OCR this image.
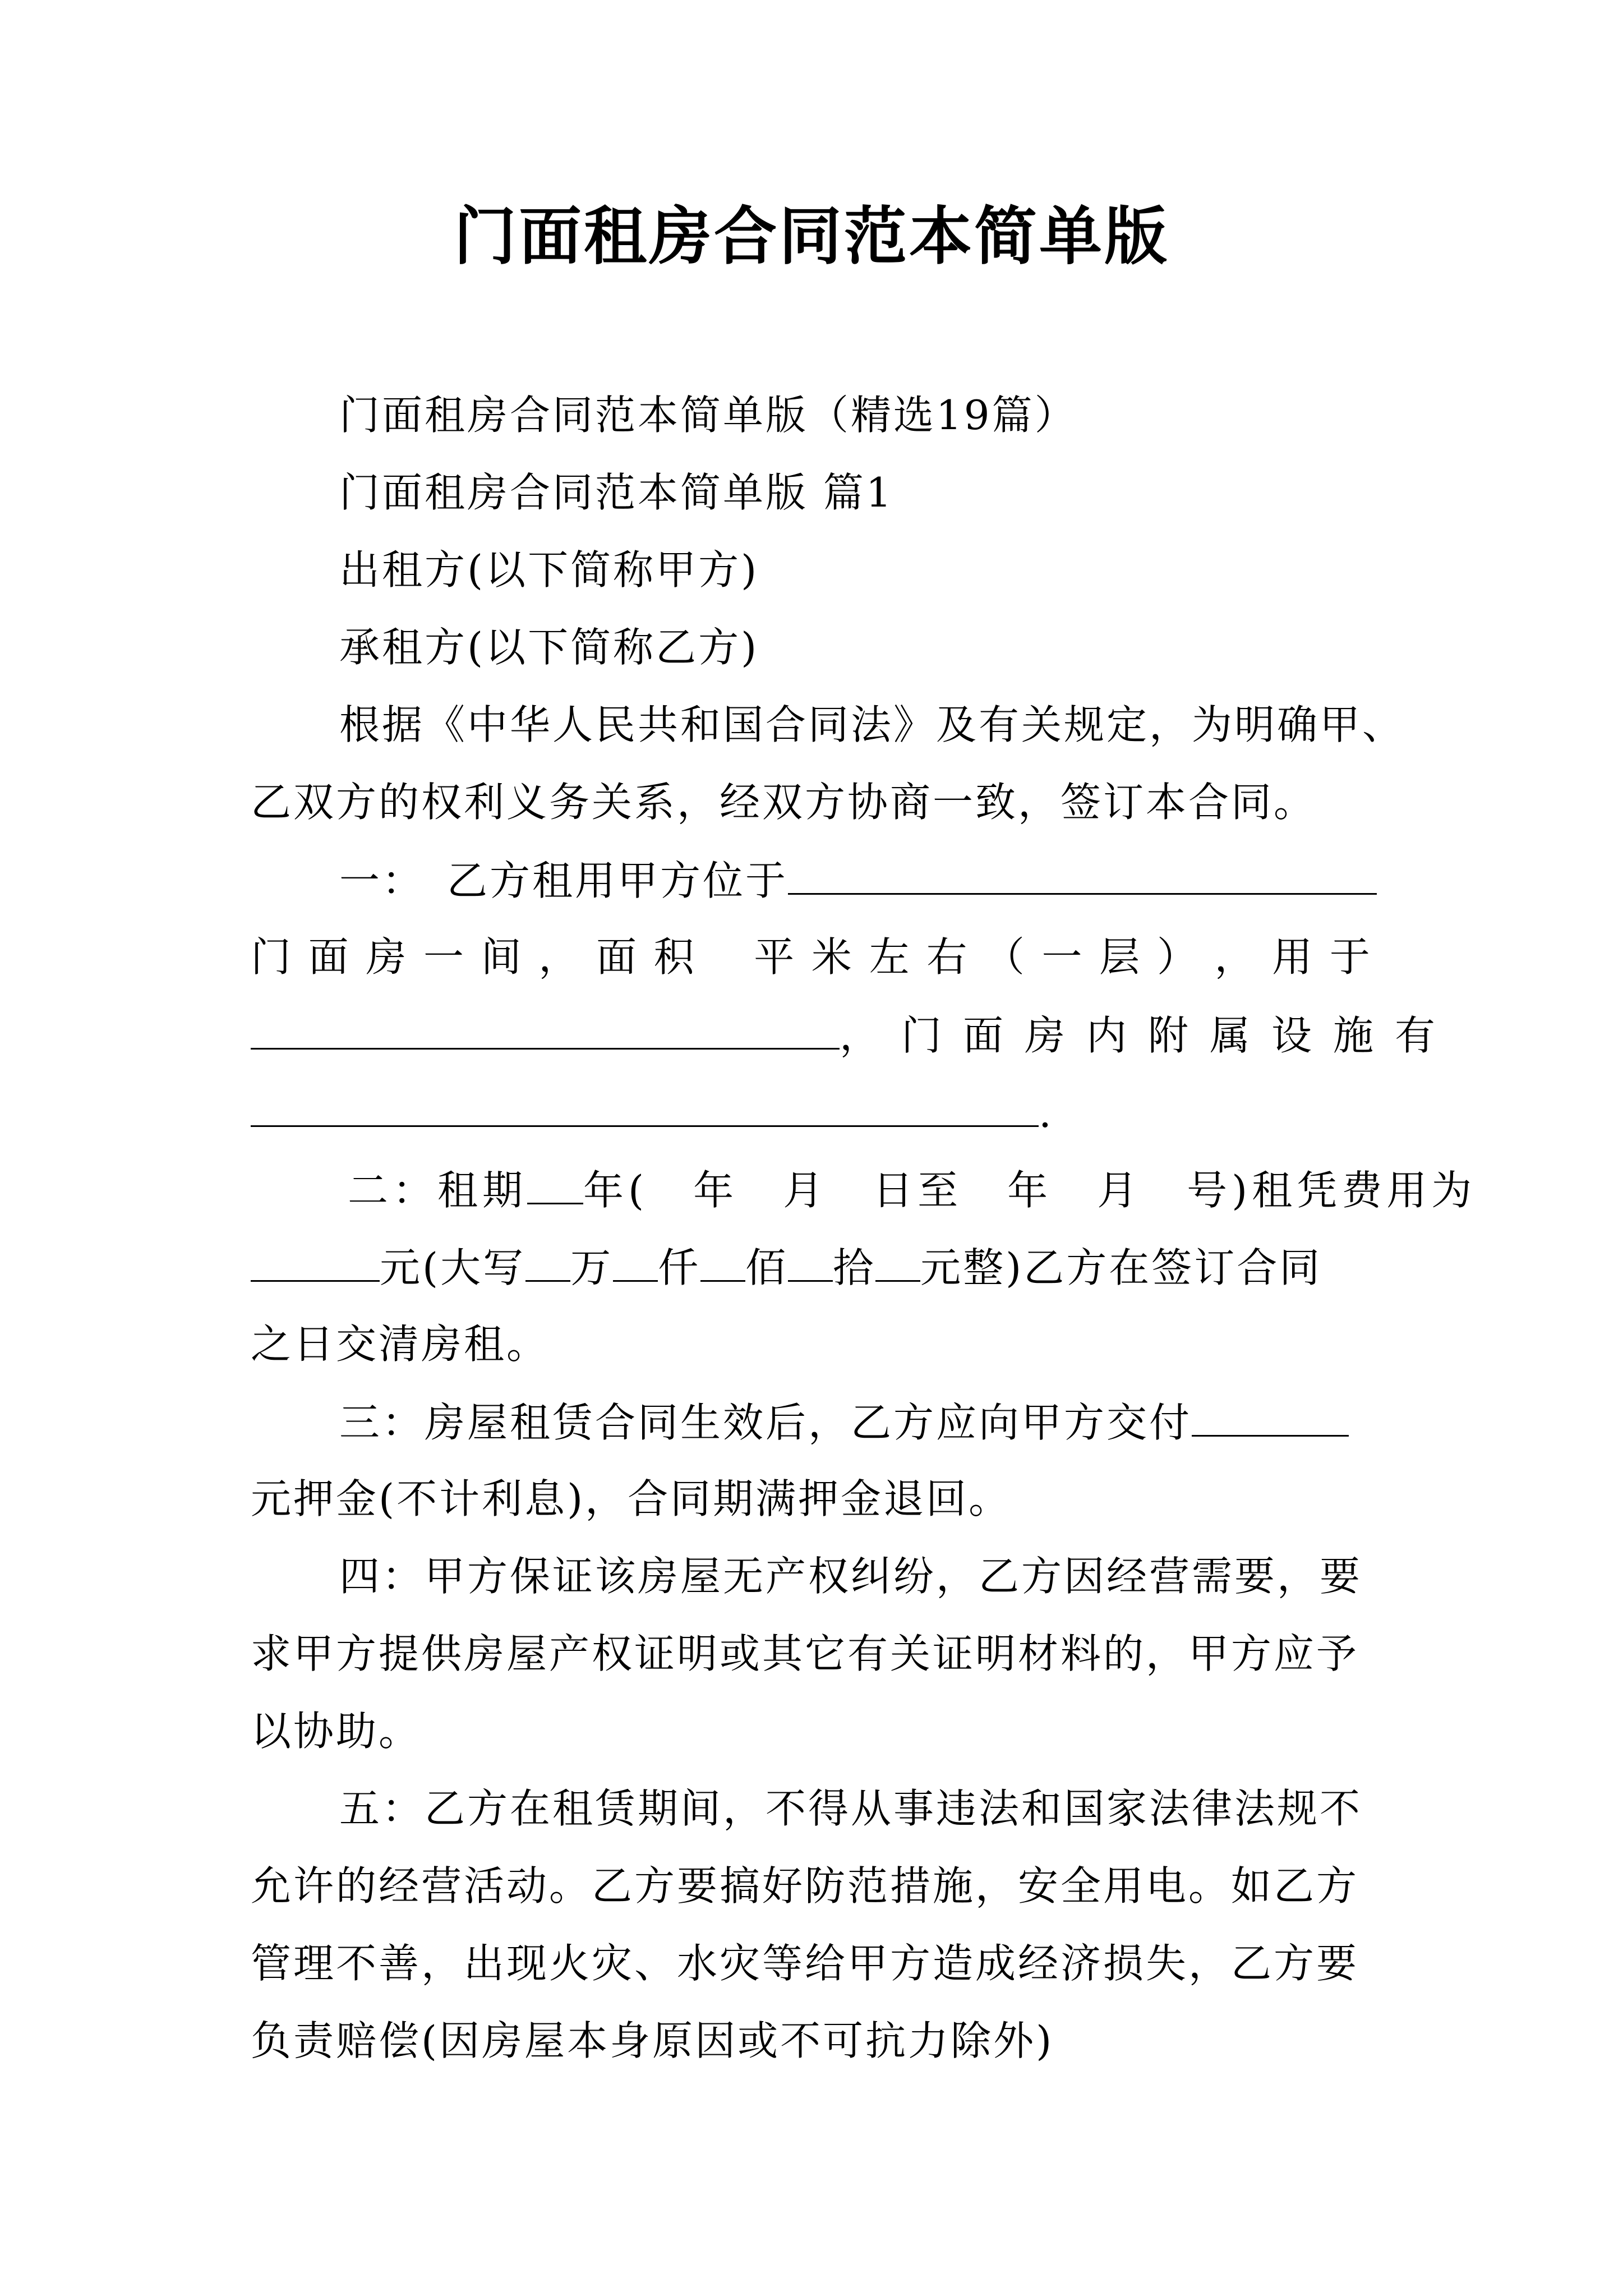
门面租房合同范本简单版
门面租房合同范本简单版（精选19篇）
门面租房合同范本简单版 篇1
出租方(以下简称甲方)
承租方(以下简称乙方)
根据《中华人民共和国合同法》及有关规定，为明确甲、
乙双方的权利义务关系，经双方协商一致，签订本合同。
一：　乙方租用甲方位于
门 面 房 一 间 ， 面 积 　平 米 左 右 （ 一 层 ） ， 用 于
，门面房内附属设施有
.
二：租期 年(　年　月　日至　年　月　号)租凭费用为
元(大写 万 仟 佰 拾 元整)乙方在签订合同
之日交清房租。
三：房屋租赁合同生效后，乙方应向甲方交付
元押金(不计利息)，合同期满押金退回。
四：甲方保证该房屋无产权纠纷，乙方因经营需要，要
求甲方提供房屋产权证明或其它有关证明材料的，甲方应予
以协助。
五：乙方在租赁期间，不得从事违法和国家法律法规不
允许的经营活动。乙方要搞好防范措施，安全用电。如乙方
管理不善，出现火灾、水灾等给甲方造成经济损失，乙方要
负责赔偿(因房屋本身原因或不可抗力除外)
